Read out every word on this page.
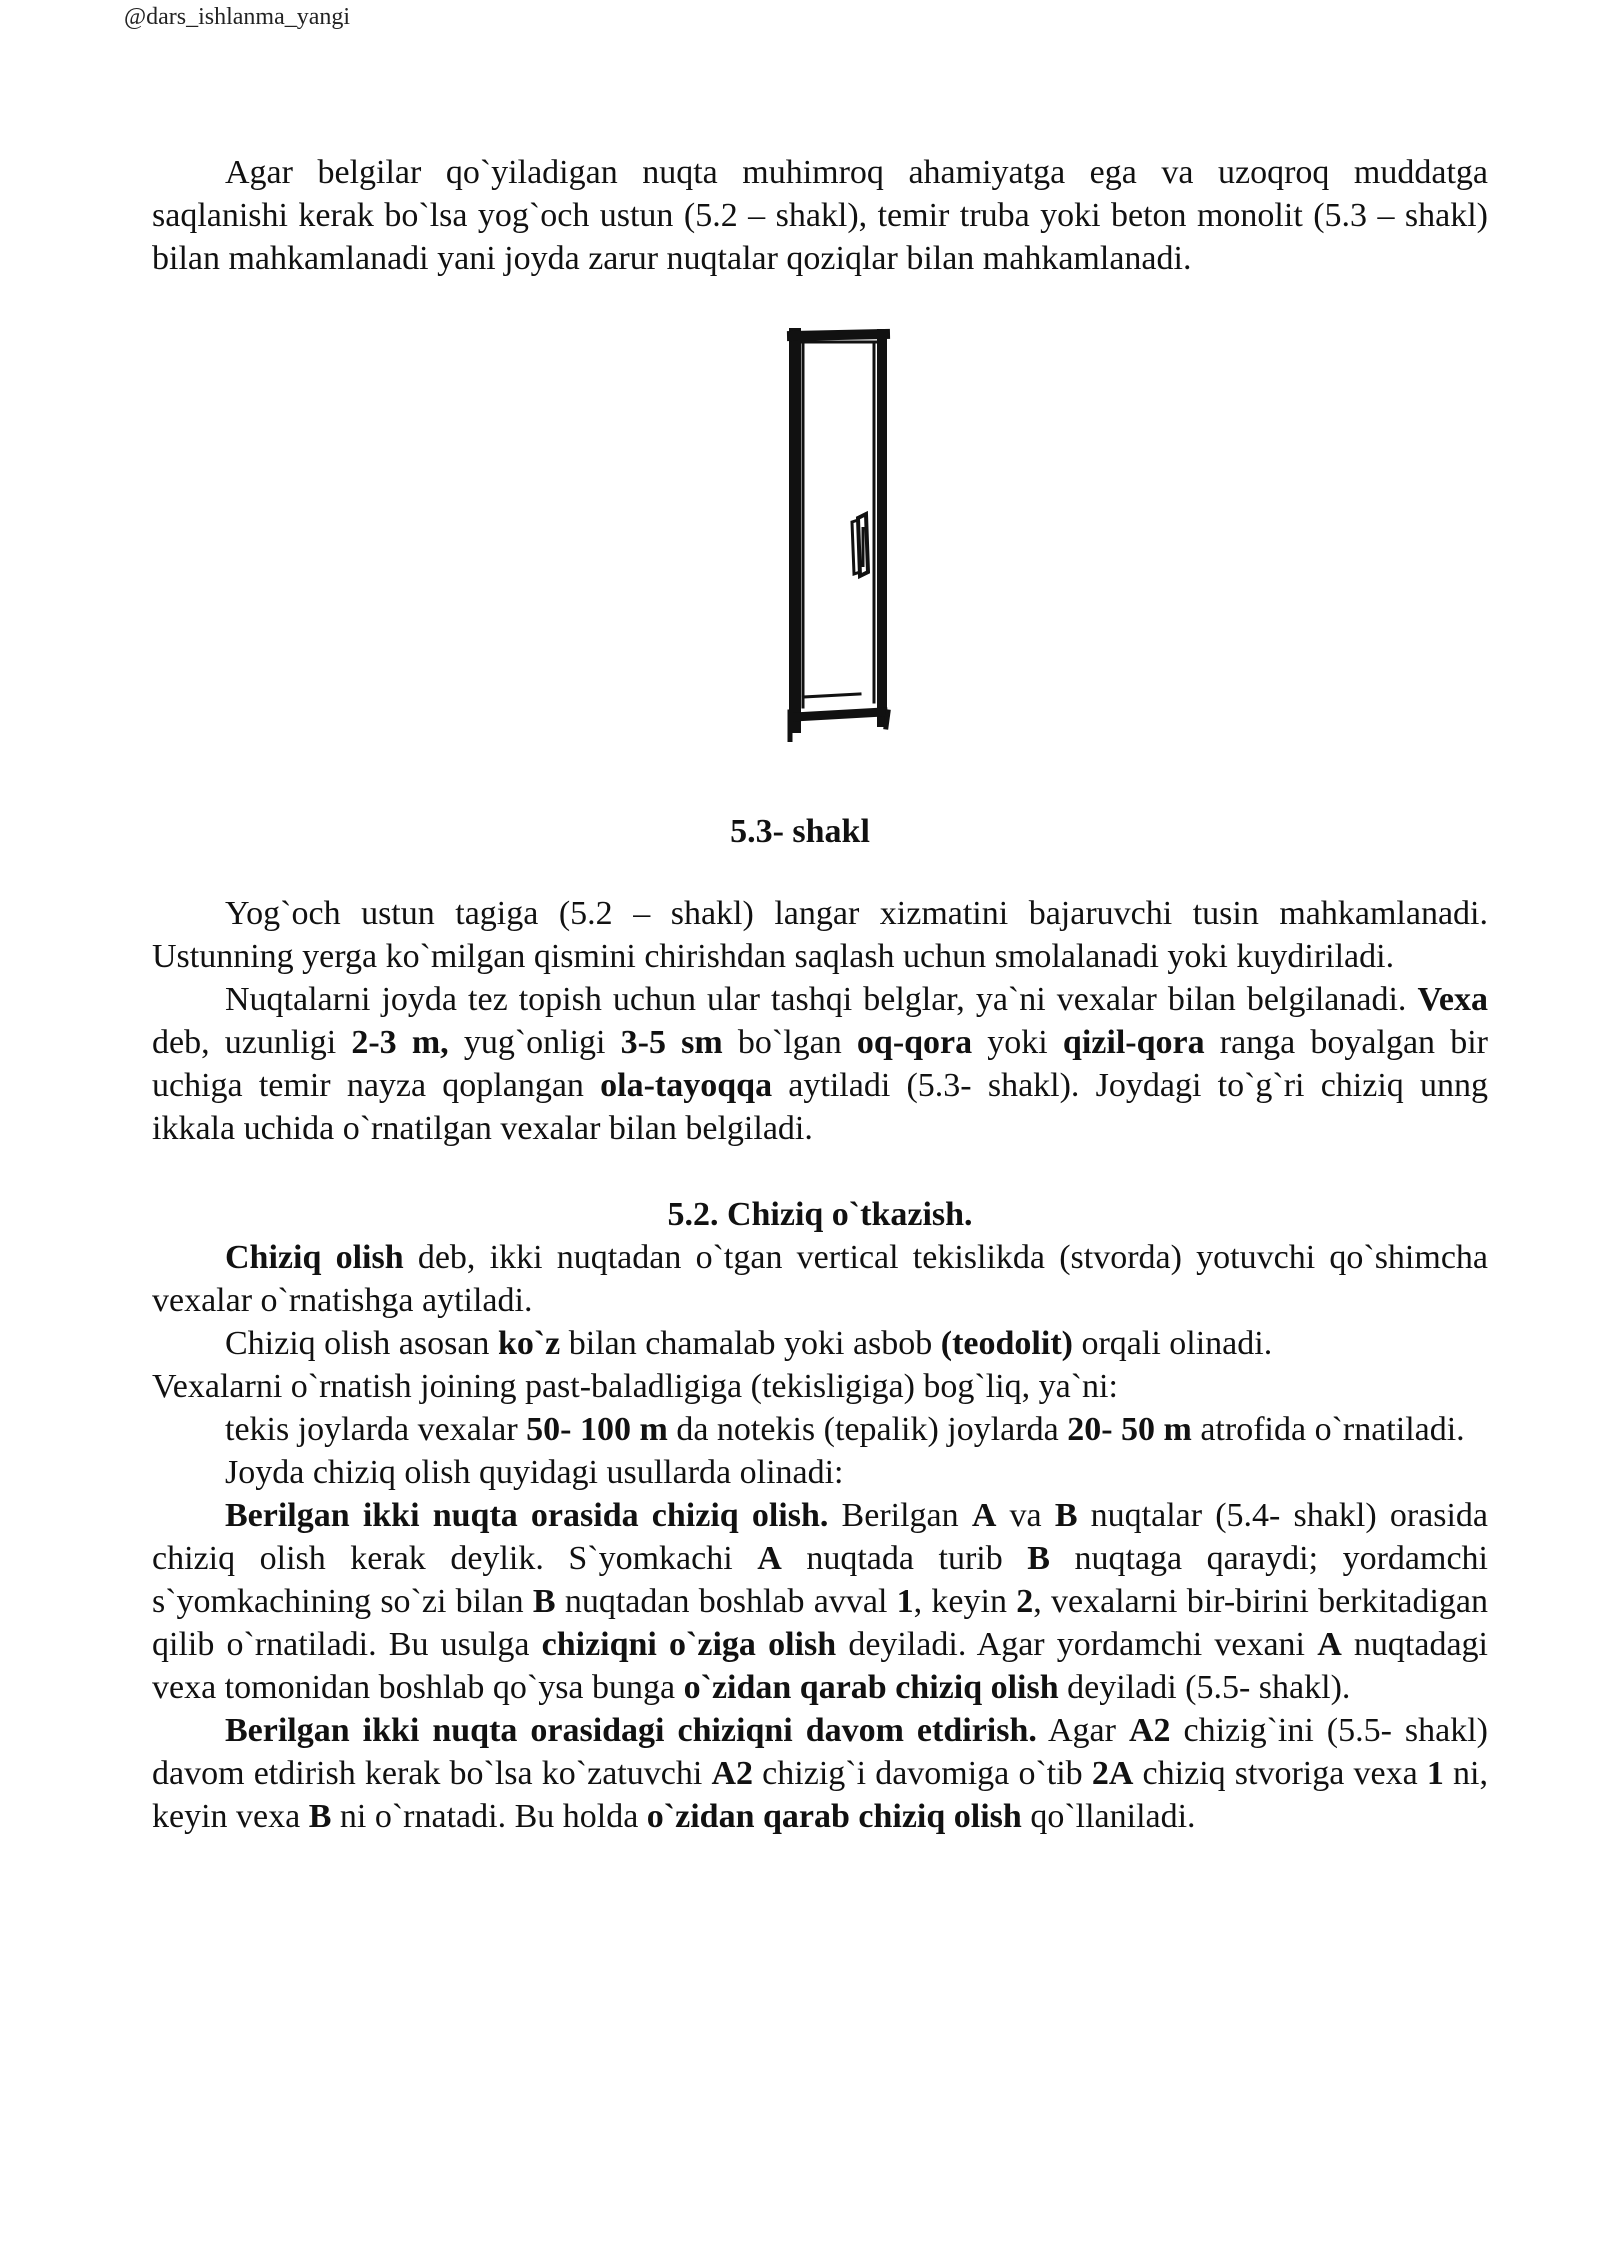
@dars_ishlanma_yangi

Agar belgilar qo`yiladigan nuqta muhimroq ahamiyatga ega va uzoqroq muddatga saqlanishi kerak bo`lsa yog`och ustun (5.2 – shakl), temir truba yoki beton monolit (5.3 – shakl) bilan mahkamlanadi yani joyda zarur nuqtalar qoziqlar bilan mahkamlanadi.

5.3- shakl

Yog`och ustun tagiga (5.2 – shakl) langar xizmatini bajaruvchi tusin mahkamlanadi. Ustunning yerga ko`milgan qismini chirishdan saqlash uchun smolalanadi yoki kuydiriladi.

Nuqtalarni joyda tez topish uchun ular tashqi belglar, ya`ni vexalar bilan belgilanadi. Vexa deb, uzunligi 2-3 m, yug`onligi 3-5 sm bo`lgan oq-qora yoki qizil-qora ranga boyalgan bir uchiga temir nayza qoplangan ola-tayoqqa aytiladi (5.3- shakl). Joydagi to`g`ri chiziq unng ikkala uchida o`rnatilgan vexalar bilan belgiladi.

5.2. Chiziq o`tkazish.

Chiziq olish deb, ikki nuqtadan o`tgan vertical tekislikda (stvorda) yotuvchi qo`shimcha vexalar o`rnatishga aytiladi.

Chiziq olish asosan ko`z bilan chamalab yoki asbob (teodolit) orqali olinadi.

Vexalarni o`rnatish joining past-baladligiga (tekisligiga) bog`liq, ya`ni:

tekis joylarda vexalar 50- 100 m da notekis (tepalik) joylarda 20- 50 m atrofida o`rnatiladi.

Joyda chiziq olish quyidagi usullarda olinadi:

Berilgan ikki nuqta orasida chiziq olish. Berilgan A va B nuqtalar (5.4- shakl) orasida chiziq olish kerak deylik. S`yomkachi A nuqtada turib B nuqtaga qaraydi; yordamchi s`yomkachining so`zi bilan B nuqtadan boshlab avval 1, keyin 2, vexalarni bir-birini berkitadigan qilib o`rnatiladi. Bu usulga chiziqni o`ziga olish deyiladi. Agar yordamchi vexani A nuqtadagi vexa tomonidan boshlab qo`ysa bunga o`zidan qarab chiziq olish deyiladi (5.5- shakl).

Berilgan ikki nuqta orasidagi chiziqni davom etdirish. Agar A2 chizig`ini (5.5- shakl) davom etdirish kerak bo`lsa ko`zatuvchi A2 chizig`i davomiga o`tib 2A chiziq stvoriga vexa 1 ni, keyin vexa B ni o`rnatadi. Bu holda o`zidan qarab chiziq olish qo`llaniladi.
